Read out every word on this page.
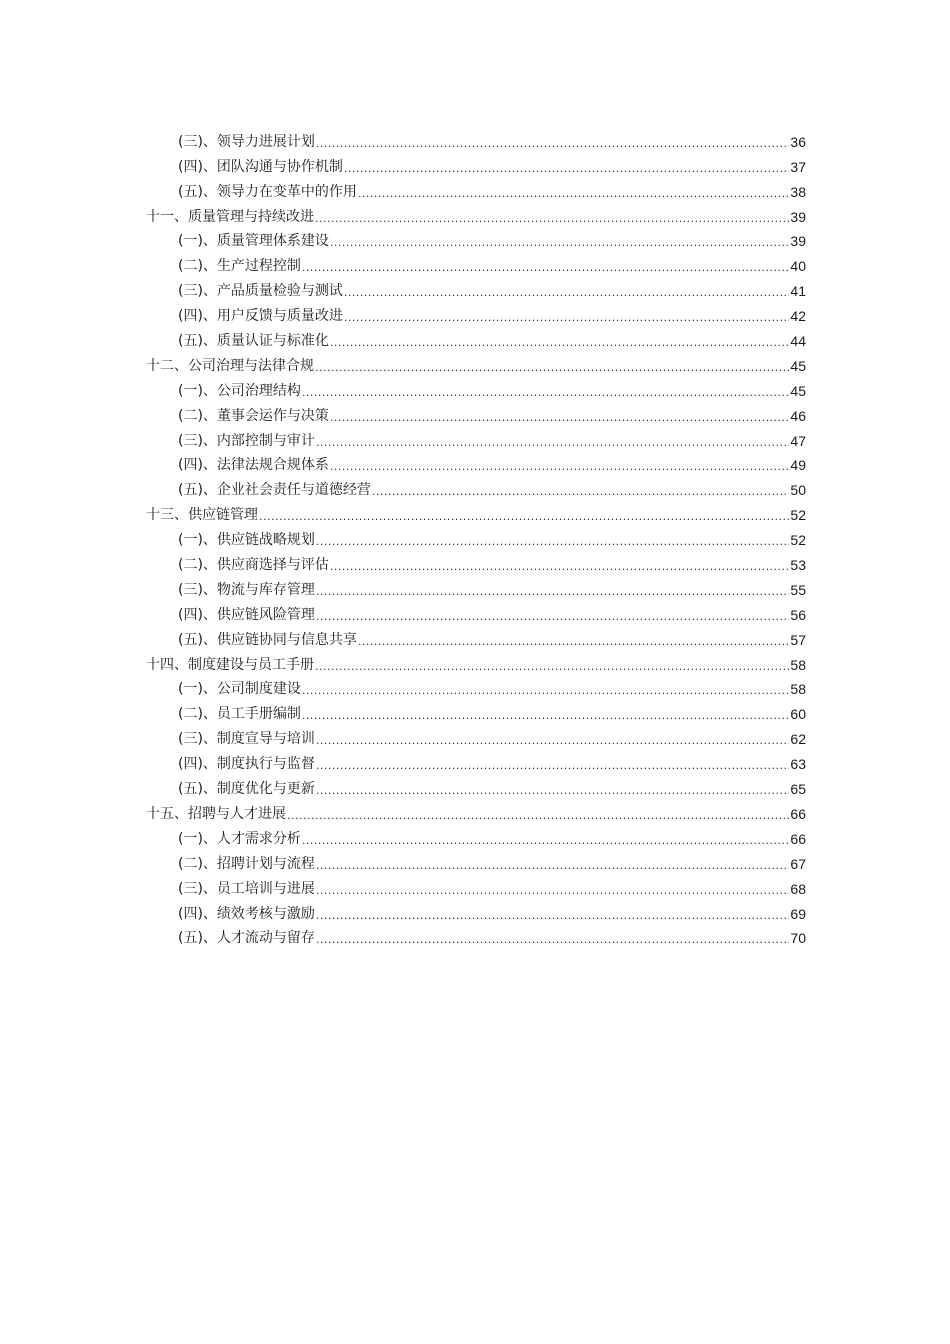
(三)、领导力进展计划 .....	36
(四)、团队沟通与协作机制 .....	37
(五)、领导力在变革中的作用 .....	38
十一、质量管理与持续改进 .....	39
(一)、质量管理体系建设 .....	39
(二)、生产过程控制 .....	40
(三)、产品质量检验与测试 .....	41
(四)、用户反馈与质量改进 .....	42
(五)、质量认证与标准化 .....	44
十二、公司治理与法律合规 .....	45
(一)、公司治理结构 .....	45
(二)、董事会运作与决策 .....	46
(三)、内部控制与审计 .....	47
(四)、法律法规合规体系 .....	49
(五)、企业社会责任与道德经营 .....	50
十三、供应链管理 .....	52
(一)、供应链战略规划 .....	52
(二)、供应商选择与评估 .....	53
(三)、物流与库存管理 .....	55
(四)、供应链风险管理 .....	56
(五)、供应链协同与信息共享 .....	57
十四、制度建设与员工手册 .....	58
(一)、公司制度建设 .....	58
(二)、员工手册编制 .....	60
(三)、制度宣导与培训 .....	62
(四)、制度执行与监督 .....	63
(五)、制度优化与更新 .....	65
十五、招聘与人才进展 .....	66
(一)、人才需求分析 .....	66
(二)、招聘计划与流程 .....	67
(三)、员工培训与进展 .....	68
(四)、绩效考核与激励 .....	69
(五)、人才流动与留存 .....	70
